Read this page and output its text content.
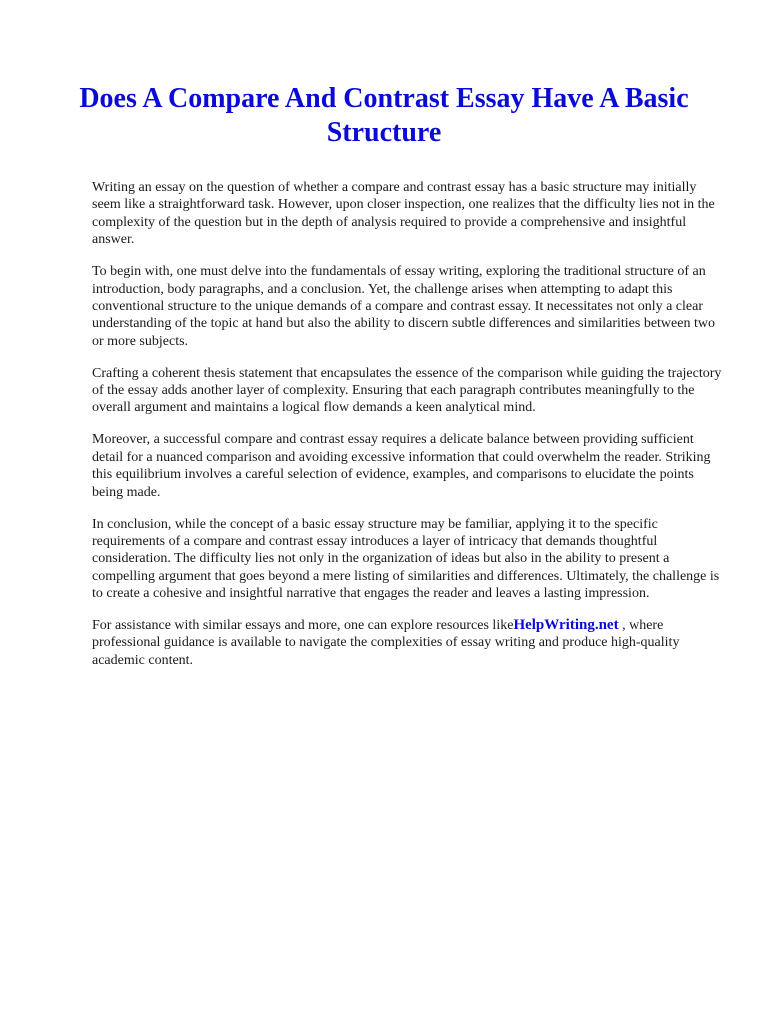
Does A Compare And Contrast Essay Have A Basic Structure

Writing an essay on the question of whether a compare and contrast essay has a basic structure may initially seem like a straightforward task. However, upon closer inspection, one realizes that the difficulty lies not in the complexity of the question but in the depth of analysis required to provide a comprehensive and insightful answer.

To begin with, one must delve into the fundamentals of essay writing, exploring the traditional structure of an introduction, body paragraphs, and a conclusion. Yet, the challenge arises when attempting to adapt this conventional structure to the unique demands of a compare and contrast essay. It necessitates not only a clear understanding of the topic at hand but also the ability to discern subtle differences and similarities between two or more subjects.

Crafting a coherent thesis statement that encapsulates the essence of the comparison while guiding the trajectory of the essay adds another layer of complexity. Ensuring that each paragraph contributes meaningfully to the overall argument and maintains a logical flow demands a keen analytical mind.

Moreover, a successful compare and contrast essay requires a delicate balance between providing sufficient detail for a nuanced comparison and avoiding excessive information that could overwhelm the reader. Striking this equilibrium involves a careful selection of evidence, examples, and comparisons to elucidate the points being made.

In conclusion, while the concept of a basic essay structure may be familiar, applying it to the specific requirements of a compare and contrast essay introduces a layer of intricacy that demands thoughtful consideration. The difficulty lies not only in the organization of ideas but also in the ability to present a compelling argument that goes beyond a mere listing of similarities and differences. Ultimately, the challenge is to create a cohesive and insightful narrative that engages the reader and leaves a lasting impression.

For assistance with similar essays and more, one can explore resources likeHelpWriting.net , where professional guidance is available to navigate the complexities of essay writing and produce high-quality academic content.
